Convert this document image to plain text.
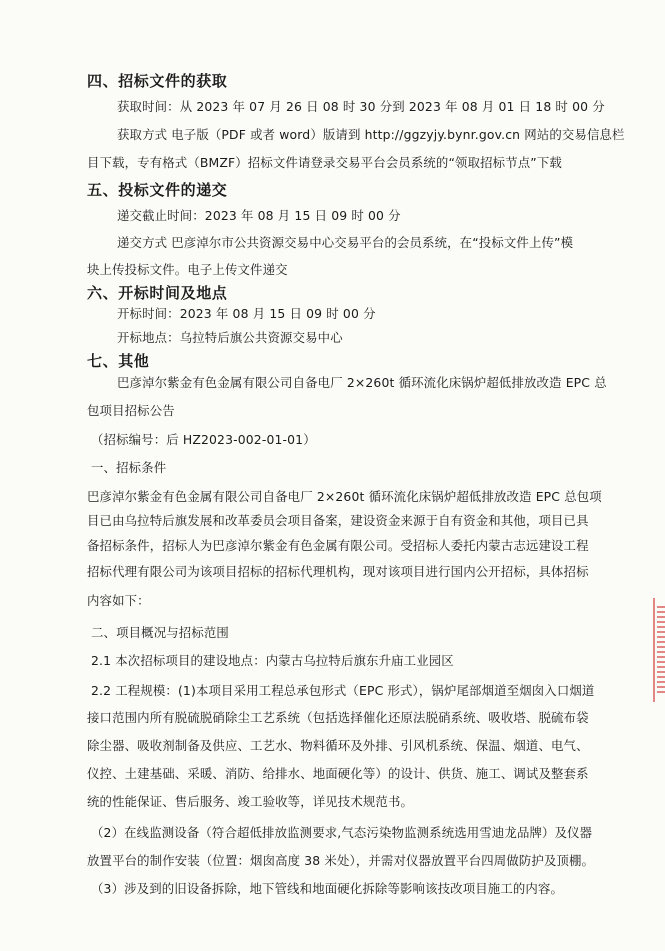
四、招标文件的获取
获取时间：从 2023 年 07 月 26 日 08 时 30 分到 2023 年 08 月 01 日 18 时 00 分
获取方式 电子版（PDF 或者 word）版请到 http://ggzyjy.bynr.gov.cn 网站的交易信息栏
目下载，专有格式（BMZF）招标文件请登录交易平台会员系统的“领取招标节点”下载
五、投标文件的递交
递交截止时间：2023 年 08 月 15 日 09 时 00 分
递交方式 巴彦淖尔市公共资源交易中心交易平台的会员系统，在“投标文件上传”模
块上传投标文件。电子上传文件递交
六、开标时间及地点
开标时间：2023 年 08 月 15 日 09 时 00 分
开标地点：乌拉特后旗公共资源交易中心
七、其他
巴彦淖尔紫金有色金属有限公司自备电厂 2×260t 循环流化床锅炉超低排放改造 EPC 总
包项目招标公告
（招标编号：后 HZ2023-002-01-01）
一、招标条件
巴彦淖尔紫金有色金属有限公司自备电厂 2×260t 循环流化床锅炉超低排放改造 EPC 总包项
目已由乌拉特后旗发展和改革委员会项目备案，建设资金来源于自有资金和其他，项目已具
备招标条件，招标人为巴彦淖尔紫金有色金属有限公司。受招标人委托内蒙古志远建设工程
招标代理有限公司为该项目招标的招标代理机构，现对该项目进行国内公开招标，具体招标
内容如下：
二、项目概况与招标范围
2.1 本次招标项目的建设地点：内蒙古乌拉特后旗东升庙工业园区
2.2 工程规模：(1)本项目采用工程总承包形式（EPC 形式），锅炉尾部烟道至烟囱入口烟道
接口范围内所有脱硫脱硝除尘工艺系统（包括选择催化还原法脱硝系统、吸收塔、脱硫布袋
除尘器、吸收剂制备及供应、工艺水、物料循环及外排、引风机系统、保温、烟道、电气、
仪控、土建基础、采暖、消防、给排水、地面硬化等）的设计、供货、施工、调试及整套系
统的性能保证、售后服务、竣工验收等，详见技术规范书。
（2）在线监测设备（符合超低排放监测要求,气态污染物监测系统选用雪迪龙品牌）及仪器
放置平台的制作安装（位置：烟囱高度 38 米处），并需对仪器放置平台四周做防护及顶棚。
（3）涉及到的旧设备拆除，地下管线和地面硬化拆除等影响该技改项目施工的内容。
